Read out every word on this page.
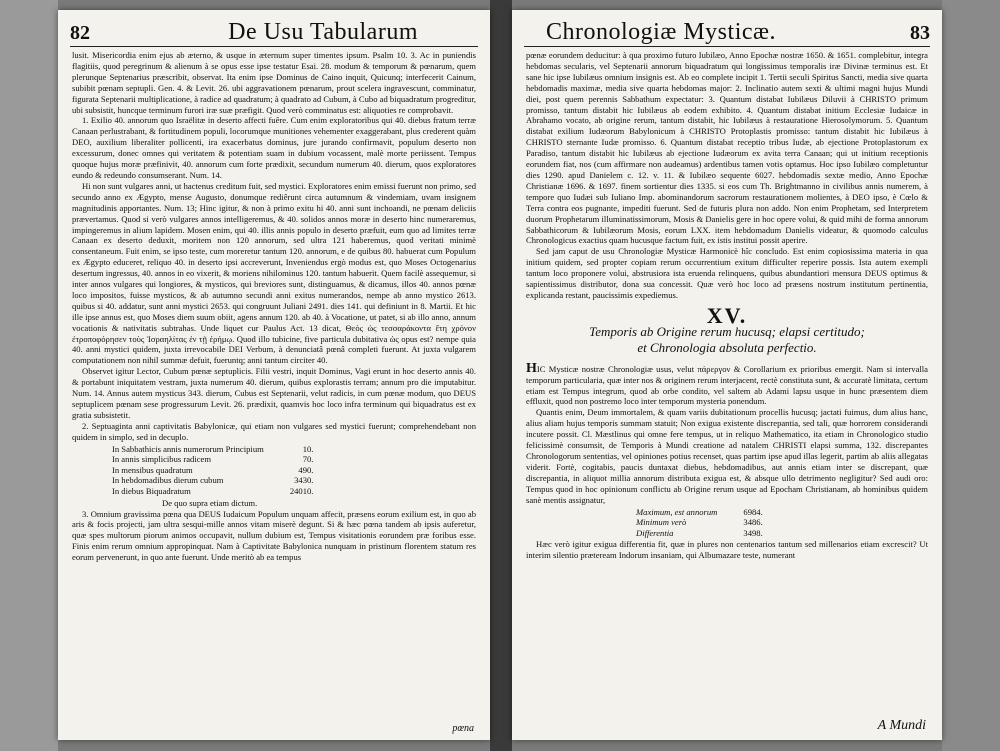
82	De Usu Tabularum

lusit. Misericordia enim ejus ab æterno, & usque in æternum super timentes ipsum. Psalm 10. 3. Ac in puniendis flagitiis, quod peregrinum & alienum à se opus esse ipse testatur Esai. 28. modum & temporum & pœnarum, quem plerunque Septenarius præscribit, observat. Ita enim ipse Dominus de Caino inquit, Quicunq; interfecerit Cainum, subibit pœnam septupli. Gen. 4. & Levit. 26. ubi aggravationem pœnarum, prout scelera ingravescunt, comminatur, figurata Septenarii multiplicatione, à radice ad quadratum; à quadrato ad Cubum, à Cubo ad biquadratum progreditur, ubi subsistit, huncque terminum furori iræ suæ præfigit. Quod verò comminatus est: aliquoties re comprobavit.

1. Exilio 40. annorum quo Israëlitæ in deserto affecti fuêre. Cum enim exploratoribus qui 40. diebus fratum terræ Canaan perlustrabant, & fortitudinem populi, locorumque munitiones vehementer exaggerabant, plus crederent quàm DEO, auxilium liberaliter pollicenti, ira exacerbatus dominus, jure jurando confirmavit, populum deserto non excessurum, donec omnes qui veritatem & potentiam suam in dubium vocassent, malè morte periissent. Tempus quoque hujus moræ præfinivit, 40. annorum cum forte prædixit, secundum numerum 40. dierum, quos exploratores eundo & redeundo consumserant. Num. 14.

Hi non sunt vulgares anni, ut hactenus creditum fuit, sed mystici. Exploratores enim emissi fuerunt non primo, sed secundo anno ex Ægypto, mense Augusto, donumque rediêrunt circa autumnum & vindemiam, uvam insignem magnitudinis apportantes. Num. 13; Hinc igitur, & non à primo exitu hi 40. anni sunt inchoandi, ne pœnam deliciis prævertamus. Quod si verò vulgares annos intelligeremus, & 40. solidos annos moræ in deserto hinc numeraremus, impingeremus in alium lapidem. Mosen enim, qui 40. illis annis populo in deserto præfuit, eum quo ad limites terræ Canaan ex deserto deduxit, moritem non 120 annorum, sed ultra 121 haberemus, quod veritati minimè consentaneum. Fuit enim, se ipso teste, cum moreretur tantum 120. annorum, e de quibus 80. habuerat cum Populum ex Ægypto educeret, reliquo 40. in deserto ipsi accreverunt, Inveniendus ergò modus est, quo Moses Octogenarius desertum ingressus, 40. annos in eo vixerit, & moriens nihilominus 120. tantum habuerit. Quem facilè assequemur, si inter annos vulgares qui longiores, & mysticos, qui breviores sunt, distinguamus, & dicamus, illos 40. annos pœnæ loco impositos, fuisse mysticos, & ab autumno secundi anni exitus numerandos, nempe ab anno mystico 2613. quibus si 40. addatur, sunt anni mystici 2653. qui congruunt Juliani 2491. dies 141. qui definiunt in 8. Martii. Et hic ille ipse annus est, quo Moses diem suum obiit, agens annum 120. ab 40. à Vocatione, ut patet, si ab illo anno, annum vocationis & nativitatis subtrahas. Unde liquet cur Paulus Act. 13 dicat, Θεὸς ὡς τεσσαράκοντα ἔτη χρόνον ἐτροποφόρησεν τοὺς Ἰσραηλίτας ἐν τῇ ἐρήμῳ. Quod illo tubicine, five particula dubitativa ὡς opus est? nempe quia 40. anni mystici quidem, juxta irrevocabile DEI Verbum, à denunciatâ pœnâ completi fuerunt. At juxta vulgarem computationem non nihil summæ defuit, fueruntq; anni tantum circiter 40.

Observet igitur Lector, Cubum pœnæ septuplicis. Filii vestri, inquit Dominus, Vagi erunt in hoc deserto annis 40. & portabunt iniquitatem vestram, juxta numerum 40. dierum, quibus explorastis terram; annum pro die imputabitur. Num. 14. Annus autem mysticus 343. dierum, Cubus est Septenarii, velut radicis, in cum pœnæ modum, quo DEUS septuplicem pœnam sese progressurum Levit. 26. prædixit, quamvis hoc loco infra terminum qui biquadratus est ex gratia subsistetit.

2. Septuaginta anni captivitatis Babylonicæ, qui etiam non vulgares sed mystici fuerunt; comprehendebant non quidem in simplo, sed in decuplo.

In Sabbathicis annis numerorum Principium	10.
In annis simplicibus radicem	70.
In mensibus quadratum	490.
In hebdomadibus dierum cubum	3430.
In diebus Biquadratum	24010.

De quo supra etiam dictum.

3. Omnium gravissima pœna qua DEUS Iudaicum Populum unquam affecit, præsens eorum exilium est, in quo ab aris & focis projecti, jam ultra sesqui-mille annos vitam miserè degunt. Si & hæc pœna tandem ab ipsis auferetur, quæ spes multorum piorum animos occupavit, nullum dubium est, Tempus visitationis eorundem præ foribus esse. Finis enim rerum omnium appropinquat. Nam à Captivitate Babylonica nunquam in pristinum florentem statum res eorum pervenerunt, in quo ante fuerunt. Unde meritò ab ea tempus

pœna
Chronologiæ Mysticæ.	83

pœnæ eorundem deducitur: à qua proximo futuro Iubilæo, Anno Epochæ nostræ 1650. & 1651. complebitur, integra hebdomas secularis, vel Septenarii annorum biquadratum qui longissimus temporalis iræ Divinæ terminus est. Et sane hic ipse Iubilæus omnium insignis est. Ab eo complete incipit 1. Tertii seculi Spiritus Sancti, media sive quarta hebdomadis maximæ, media sive quarta hebdomas major: 2. Inclinatio autem sexti & ultimi magni hujus Mundi diei, post quem perennis Sabbathum expectatur: 3. Quantum distabat Iubilæus Diluvii à CHRISTO primum promisso, tantum distabit hic Iubilæus ab eodem exhibito. 4. Quantum distabat initium Ecclesiæ Iudaicæ in Abrahamo vocato, ab origine rerum, tantum distabit, hic Iubilæus à restauratione Hierosolymorum. 5. Quantum distabat exilium Iudæorum Babylonicum à CHRISTO Protoplastis promisso: tantum distabit hic Iubilæus à CHRISTO sternante Iudæ promisso. 6. Quantum distabat receptio tribus Iudæ, ab ejectione Protoplastorum ex Paradiso, tantum distabit hic Iubilæus ab ejectione Iudæorum ex avita terra Canaan; qui ut initium receptionis eorundem fiat, nos (cum affirmare non audeamus) ardentibus tamen votis optamus. Hoc ipso Iubilæo completuntur dies 1290. apud Danielem c. 12. v. 11. & Iubilæo sequente 6027. hebdomadis sextæ medio, Anno Epochæ Christianæ 1696. & 1697. finem sortientur dies 1335. si eos cum Th. Brightmanno in civilibus annis numerem, à tempore quo Iudæi sub Iuliano Imp. abominandorum sacrorum restaurationem molientes, à DEO ipso, è Cœlo & Terra contra eos pugnante, impediti fuerunt. Sed de futuris plura non addo. Non enim Prophetam, sed Interpretem duorum Prophetarum illuminatissimorum, Mosis & Danielis gere in hoc opere volui, & quid mihi de forma annorum Sabbathicorum & Iubilæorum Mosis, eorum LXX. item hebdomadum Danielis videatur, & quomodo calculus Chronologicus exactius quam hucusque factum fuit, ex istis institui possit aperire.

Sed jam caput de usu Chronologiæ Mysticæ Harmonicè hîc concludo. Est enim copiosissima materia in qua initium quidem, sed propter copiam rerum occurrentium exitum difficulter reperire possis. Ista autem exempli tantum loco proponere volui, abstrusiora ista eruenda relinquens, quibus abundantiori mensura DEUS optimus & sapientissimus distributor, dona sua concessit. Quæ verò hoc loco ad præsens nostrum institutum pertinentia, explicanda restant, paucissimis expediemus.

XV.
Temporis ab Origine rerum hucusq; elapsi certitudo;
et Chronologia absoluta perfectio.

HIC Mysticæ nostræ Chronologiæ usus, velut πάρεργον & Corollarium ex prioribus emergit. Nam si intervalla temporum particularia, quæ inter nos & originem rerum interjacent, rectè constituta sunt, & accuratè limitata, certum etiam est Tempus integrum, quod ab orbe condito, vel saltem ab Adami lapsu usque in hunc præsentem diem effluxit, quod non postremo loco inter temporum mysteria ponendum.

Quantis enim, Deum immortalem, & quam variis dubitationum procellis hucusq; jactati fuimus, dum alius hanc, alius aliam hujus temporis summam statuit; Non exigua existente discrepantia, sed tali, quæ horrorem considerandi incutere possit. Cl. Mæstlinus qui omne fere tempus, ut in reliquo Mathematico, ita etiam in Chronologico studio felicissimè consumsit, de Temporis à Mundi creatione ad natalem CHRISTI elapsi summa, 132. discrepantes Chronologorum sententias, vel opiniones potius recenset, quas partim ipse apud illas legerit, partim ab aliis allegatas viderit. Fortè, cogitabis, paucis duntaxat diebus, hebdomadibus, aut annis etiam inter se discrepant, quæ discrepantia, in aliquot millia annorum distributa exigua est, & absque ullo detrimento negligitur? Sed audi oro: Tempus quod in hoc opinionum conflictu ab Origine rerum usque ad Epocham Christianam, ab hominibus quidem sanè mentis assignatur,

Maximum, est annorum	6984.
Minimum verò	3486.
Differentia	3498.

Hæc verò igitur exigua differentia fit, quæ in plures non centenarios tantum sed millenarios etiam excrescit? Ut interim silentio præteream Indorum insaniam, qui Albumazare teste, numerant

A Mundi
